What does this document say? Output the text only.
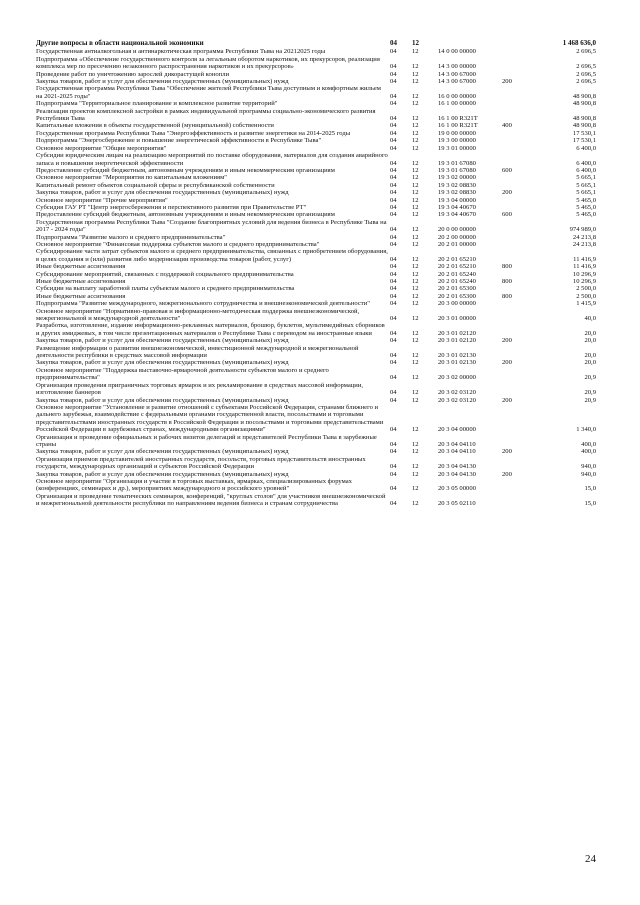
Другие вопросы в области национальной экономики	04 12	1 468 636,0
Государственная антиалкогольная и антинаркотическая программа Республики Тыва на 20212025 годы	04 12	14 0 00 00000	2 696,5
Подпрограмма «Обеспечение государственного контроля за легальным оборотом наркотиков, их прекурсоров, реализация комплекса мер по пресечению незаконного распространения наркотиков и их прекурсоров»	04 12	14 3 00 00000	2 696,5
Проведение работ по уничтожению зарослей дикорастущей конопли	04 12	14 3 00 67000	2 696,5
Закупка товаров, работ и услуг для обеспечения государственных (муниципальных) нужд	04 12	14 3 00 67000	200	2 696,5
Государственная программа Республики Тыва "Обеспечение жителей Республики Тыва доступным и комфортным жильем на 2021-2025 годы"	04 12	16 0 00 00000	48 900,8
Подпрограмма "Территориальное планирование и комплексное развитие территорий"	04 12	16 1 00 00000	48 900,8
Реализация проектов комплексной застройки в рамках индивидуальной программы социально-экономического развития Республики Тыва	04 12	16 1 00 R321T	48 900,8
Капитальные вложения в объекты государственной (муниципальной) собственности	04 12	16 1 00 R321T	400	48 900,8
Государственная программа Республики Тыва "Энергоэффективность и развитие энергетики на 2014-2025 годы	04 12	19 0 00 00000	17 530,1
Подпрограмма "Энергосбережение и повышение энергетической эффективности в Республике Тыва"	04 12	19 3 00 00000	17 530,1
Основное мероприятие "Общие мероприятия"	04 12	19 3 01 00000	6 400,0
Субсидии юридическим лицам на реализацию мероприятий по поставке оборудования, материалов для создания аварийного запаса и повышения энергетической эффективности	04 12	19 3 01 67080	6 400,0
Предоставление субсидий бюджетным, автономным учреждениям и иным некоммерческим организациям	04 12	19 3 01 67080	600	6 400,0
Основное мероприятие "Мероприятия по капитальным вложениям"	04 12	19 3 02 00000	5 665,1
Капитальный ремонт объектов социальной сферы и республиканской собственности	04 12	19 3 02 08830	5 665,1
Закупка товаров, работ и услуг для обеспечения государственных (муниципальных) нужд	04 12	19 3 02 08830	200	5 665,1
Основное мероприятие "Прочие мероприятия"	04 12	19 3 04 00000	5 465,0
Субсидия ГАУ РТ "Центр энергосбережения и перспективного развития при Правительстве РТ"	04 12	19 3 04 40670	5 465,0
Предоставление субсидий бюджетным, автономным учреждениям и иным некоммерческим организациям	04 12	19 3 04 40670	600	5 465,0
Государственная программа Республики Тыва "Создание благоприятных условий для ведения бизнеса в Республике Тыва на 2017 - 2024 годы"	04 12	20 0 00 00000	974 989,0
Подпрограмма "Развитие малого и среднего предпринимательства"	04 12	20 2 00 00000	24 213,8
Основное мероприятие "Финансовая поддержка субъектов малого и среднего предпринимательства"	04 12	20 2 01 00000	24 213,8
Субсидирование части затрат субъектов малого и среднего предпринимательства, связанных с приобретением оборудования, в целях создания и (или) развития либо модернизации производства товаров (работ, услуг)	04 12	20 2 01 65210	11 416,9
Иные бюджетные ассигнования	04 12	20 2 01 65210	800	11 416,9
Субсидирование мероприятий, связанных с поддержкой социального предпринимательства	04 12	20 2 01 65240	10 296,9
Иные бюджетные ассигнования	04 12	20 2 01 65240	800	10 296,9
Субсидии на выплату заработной платы субъектам малого и среднего предпринимательства	04 12	20 2 01 65300	2 500,0
Иные бюджетные ассигнования	04 12	20 2 01 65300	800	2 500,0
Подпрограмма "Развитие международного, межрегионального сотрудничества и внешнеэкономической деятельности"	04 12	20 3 00 00000	1 415,9
Основное мероприятие "Нормативно-правовая и информационно-методическая поддержка внешнеэкономической, межрегиональной и международной деятельности"	04 12	20 3 01 00000	40,0
Разработка, изготовление, издание информационно-рекламных материалов, брошюр, буклетов, мультимедийных сборников и других имиджевых, в том числе презентационных материалов о Республике Тыва с переводом на иностранные языки	04 12	20 3 01 02120	20,0
Закупка товаров, работ и услуг для обеспечения государственных (муниципальных) нужд	04 12	20 3 01 02120	200	20,0
Размещение информации о развитии внешнеэкономической, инвестиционной международной и межрегиональной деятельности республики в средствах массовой информации	04 12	20 3 01 02130	20,0
Закупка товаров, работ и услуг для обеспечения государственных (муниципальных) нужд	04 12	20 3 01 02130	200	20,0
Основное мероприятие "Поддержка выставочно-ярмарочной деятельности субъектов малого и среднего предпринимательства"	04 12	20 3 02 00000	20,9
Организация проведения приграничных торговых ярмарок и их рекламирование в средствах массовой информации, изготовление баннеров	04 12	20 3 02 03120	20,9
Закупка товаров, работ и услуг для обеспечения государственных (муниципальных) нужд	04 12	20 3 02 03120	200	20,9
Основное мероприятие "Установление и развитие отношений с субъектами Российской Федерации, странами ближнего и дальнего зарубежья, взаимодействие с федеральными органами государственной власти, посольствами и торговыми представительствами иностранных государств в Российской Федерации и посольствами и торговыми представительствами Российской Федерации в зарубежных странах, международными организациями"	04 12	20 3 04 00000	1 340,0
Организация и проведение официальных и рабочих визитов делегаций и представителей Республики Тыва в зарубежные страны	04 12	20 3 04 04110	400,0
Закупка товаров, работ и услуг для обеспечения государственных (муниципальных) нужд	04 12	20 3 04 04110	200	400,0
Организация приемов представителей иностранных государств, посольств, торговых представительств иностранных государств, международных организаций и субъектов Российской Федерации	04 12	20 3 04 04130	940,0
Закупка товаров, работ и услуг для обеспечения государственных (муниципальных) нужд	04 12	20 3 04 04130	200	940,0
Основное мероприятие "Организация и участие в торговых выставках, ярмарках, специализированных форумах (конференциях, семинарах и др.), мероприятиях международного и российского уровней"	04 12	20 3 05 00000	15,0
Организация и проведение тематических семинаров, конференций, "круглых столов" для участников внешнеэкономической и межрегиональной деятельности республики по направлениям ведения бизнеса и странам сотрудничества	04 12	20 3 05 02110	15,0
24
